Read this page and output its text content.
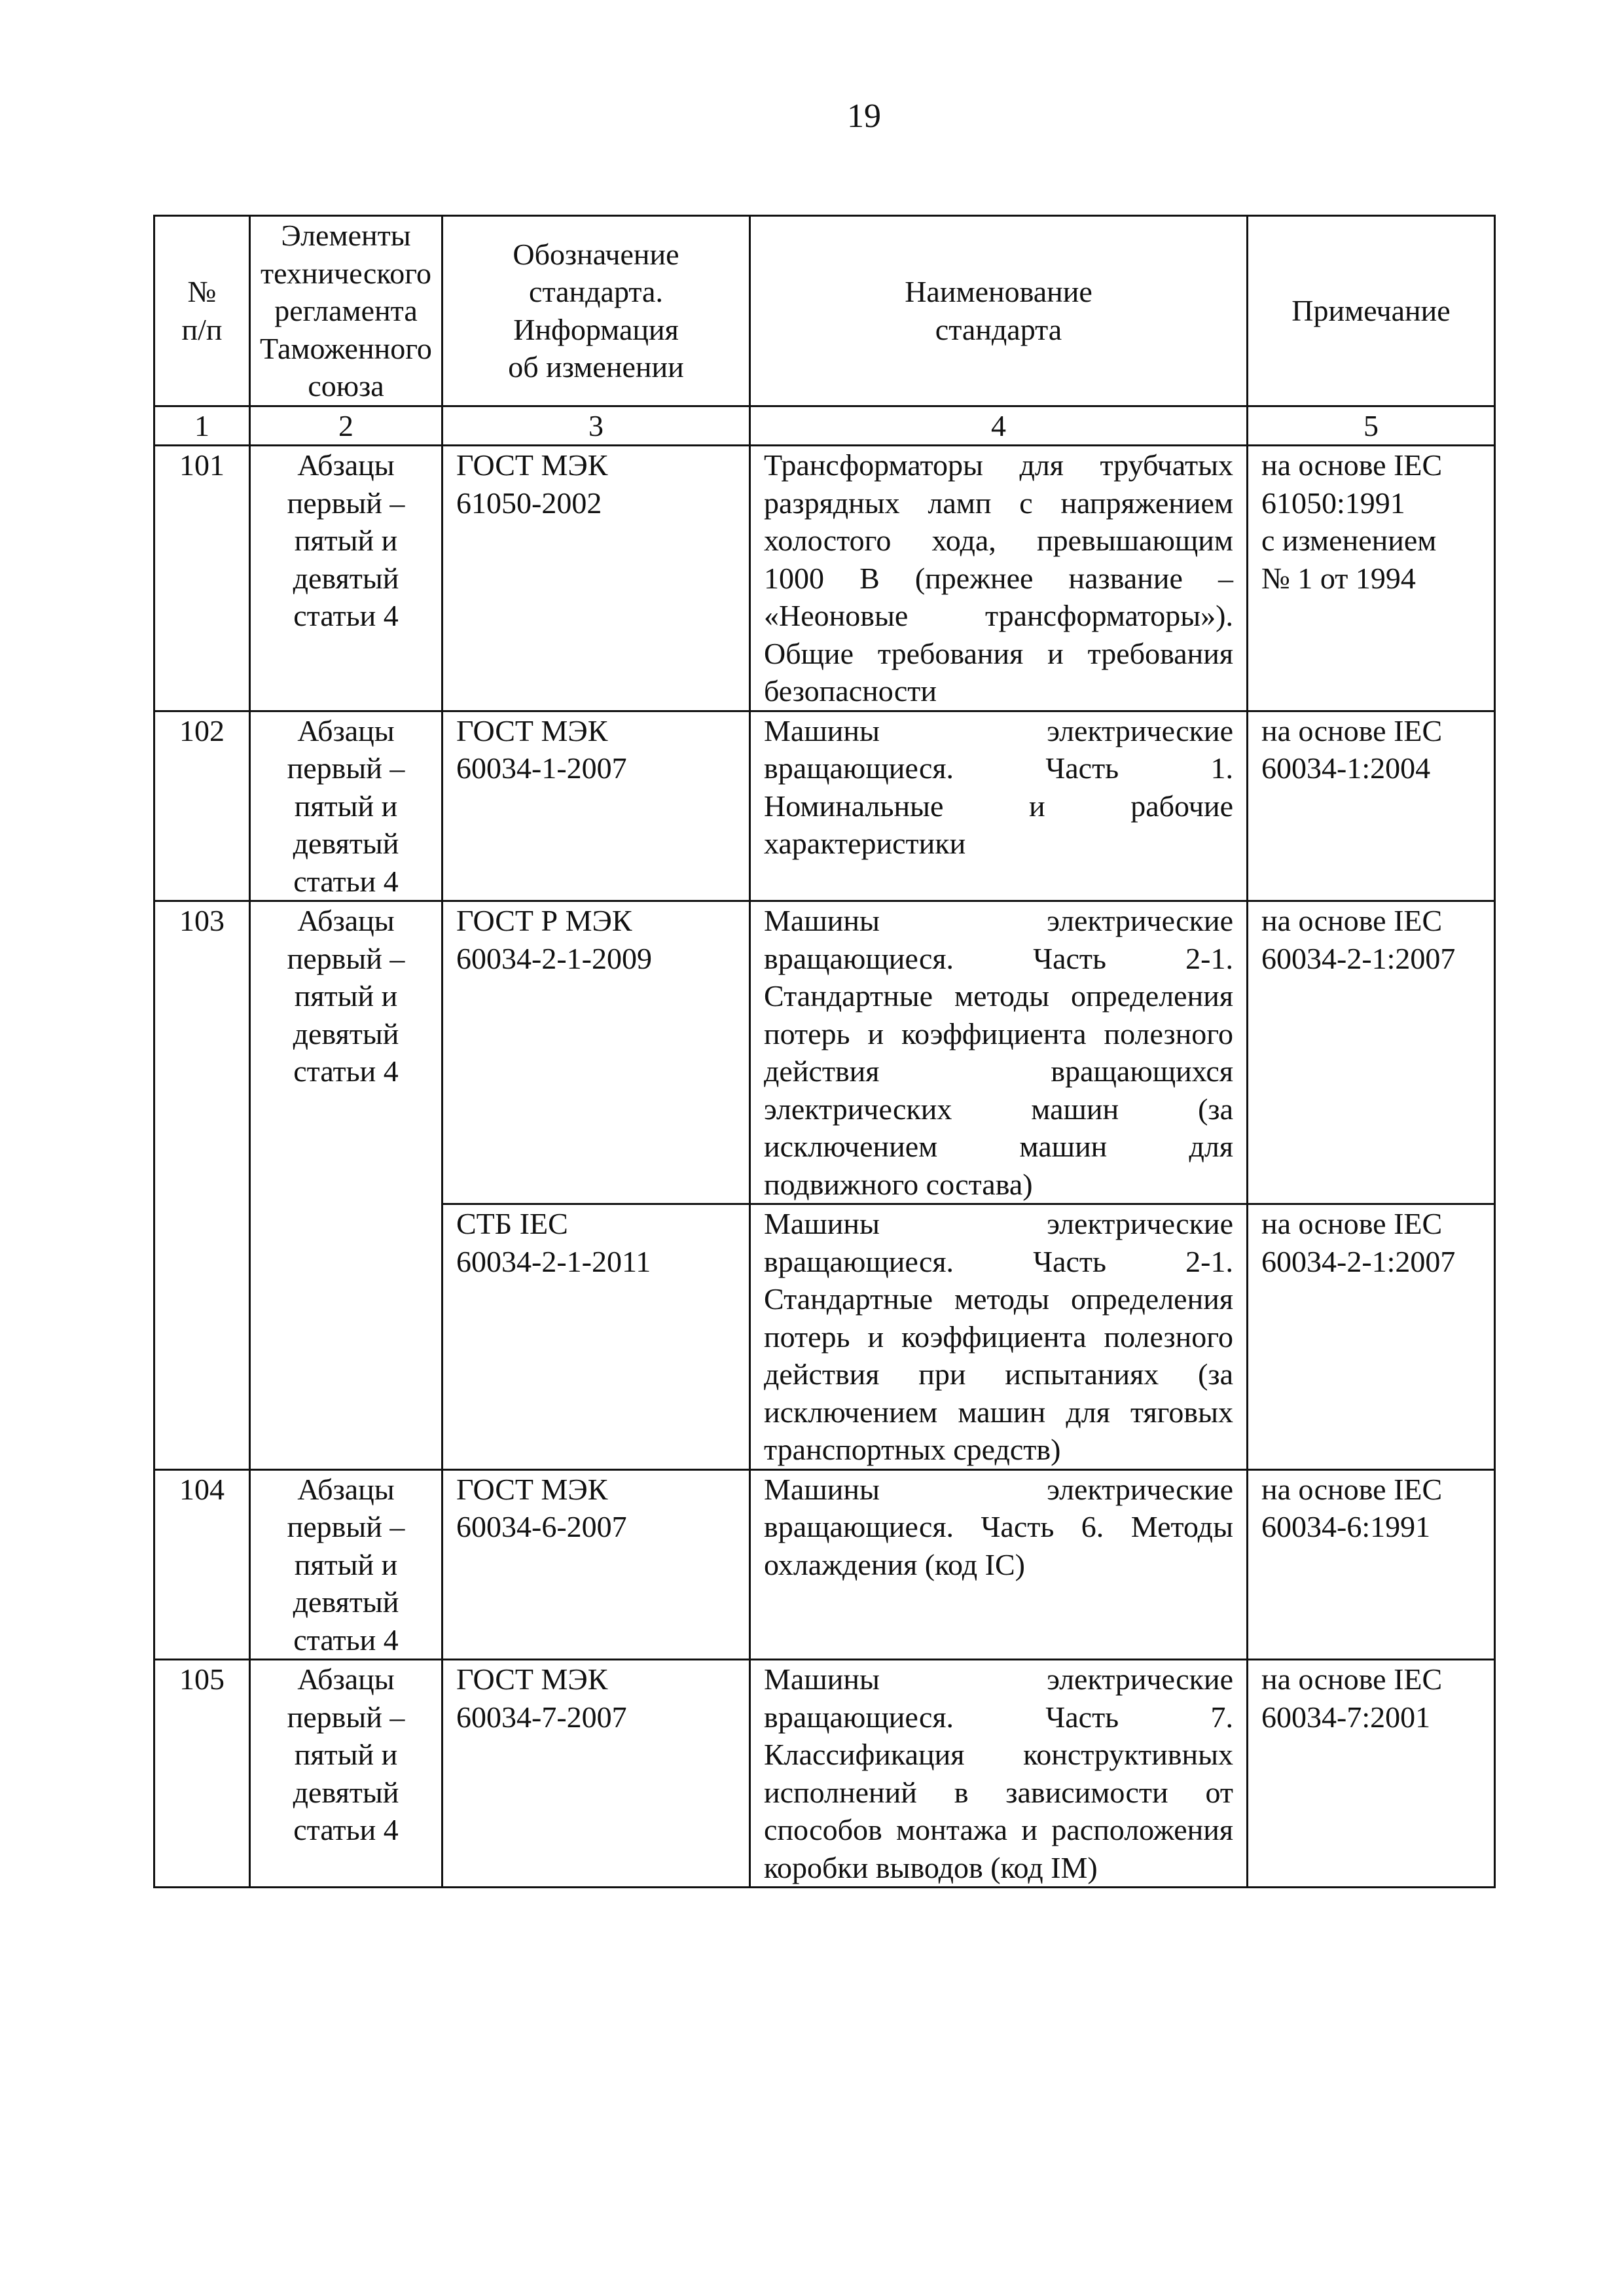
19
№
п/п	Элементы
технического
регламента
Таможенного
союза	Обозначение
стандарта.
Информация
об изменении	Наименование
стандарта	Примечание

1	2	3	4	5
101	Абзацы
первый –
пятый и
девятый
статьи 4	ГОСТ МЭК
61050-2002	Трансформаторы для трубчатых разрядных ламп с напряжением холостого хода, превышающим 1000 В (прежнее название – «Неоновые трансформаторы»). Общие требования и требования безопасности	на основе IEC
61050:1991
с изменением
№ 1 от 1994

102	Абзацы
первый –
пятый и
девятый
статьи 4	ГОСТ МЭК
60034-1-2007	Машины электрические вращающиеся. Часть 1. Номинальные и рабочие характеристики	на основе IEC
60034-1:2004

103	Абзацы
первый –
пятый и
девятый
статьи 4	ГОСТ Р МЭК
60034-2-1-2009	Машины электрические вращающиеся. Часть 2-1. Стандартные методы определения потерь и коэффициента полезного действия вращающихся электрических машин (за исключением машин для подвижного состава)	на основе IEC
60034-2-1:2007

		СТБ IEC
60034-2-1-2011	Машины электрические вращающиеся. Часть 2-1. Стандартные методы определения потерь и коэффициента полезного действия при испытаниях (за исключением машин для тяговых транспортных средств)	на основе IEC
60034-2-1:2007

104	Абзацы
первый –
пятый и
девятый
статьи 4	ГОСТ МЭК
60034-6-2007	Машины электрические вращающиеся. Часть 6. Методы охлаждения (код IC)	на основе IEC
60034-6:1991

105	Абзацы
первый –
пятый и
девятый
статьи 4	ГОСТ МЭК
60034-7-2007	Машины электрические вращающиеся. Часть 7. Классификация конструктивных исполнений в зависимости от способов монтажа и расположения коробки выводов (код IM)	на основе IEC
60034-7:2001
